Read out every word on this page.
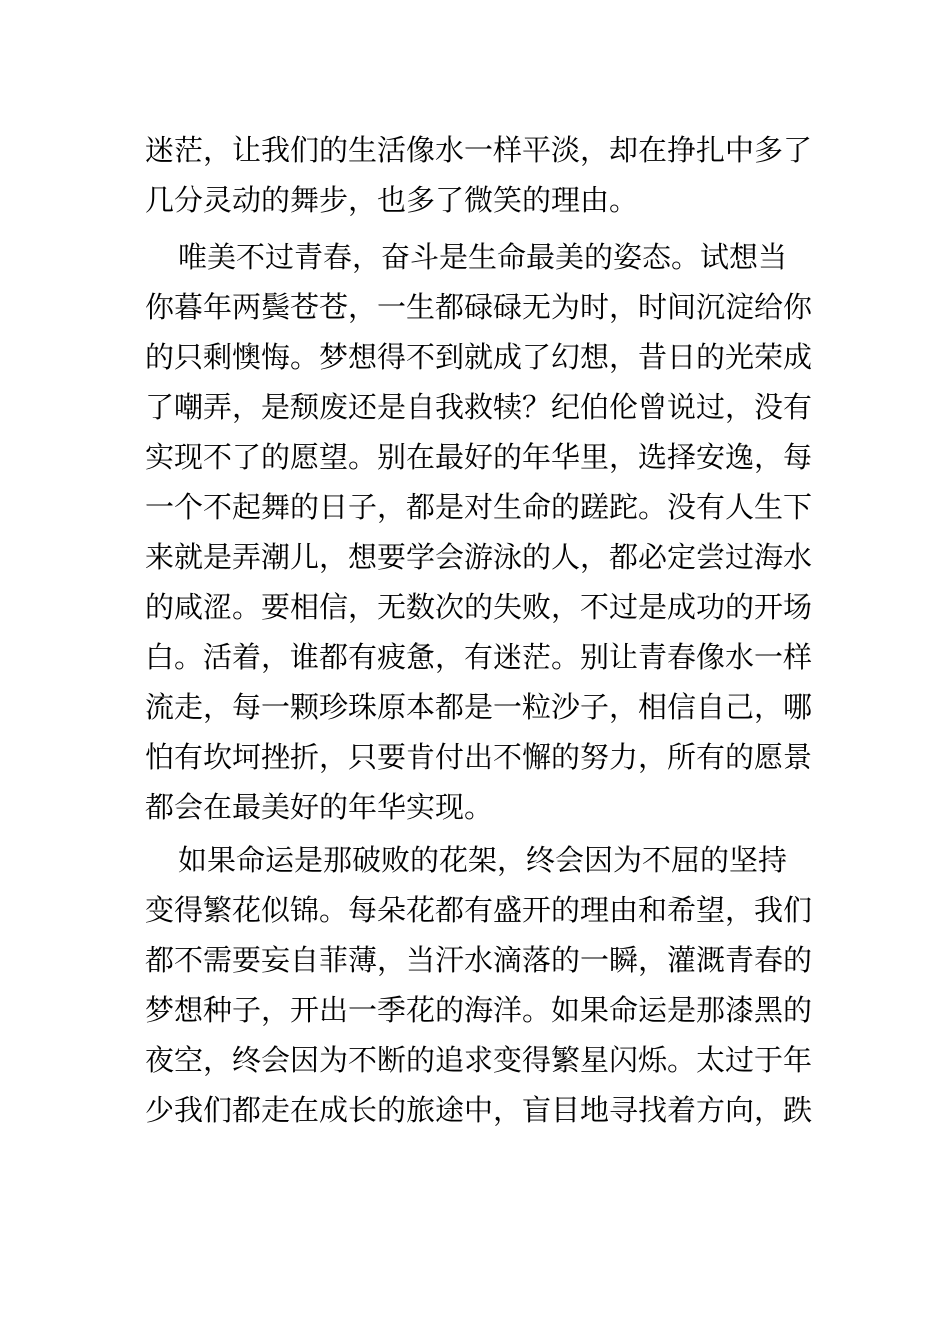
迷茫，让我们的生活像水一样平淡，却在挣扎中多了
几分灵动的舞步，也多了微笑的理由。
唯美不过青春，奋斗是生命最美的姿态。试想当
你暮年两鬓苍苍，一生都碌碌无为时，时间沉淀给你
的只剩懊悔。梦想得不到就成了幻想，昔日的光荣成
了嘲弄，是颓废还是自我救犊？纪伯伦曾说过，没有
实现不了的愿望。别在最好的年华里，选择安逸，每
一个不起舞的日子，都是对生命的蹉跎。没有人生下
来就是弄潮儿，想要学会游泳的人，都必定尝过海水
的咸涩。要相信，无数次的失败，不过是成功的开场
白。活着，谁都有疲惫，有迷茫。别让青春像水一样
流走，每一颗珍珠原本都是一粒沙子，相信自己，哪
怕有坎坷挫折，只要肯付出不懈的努力，所有的愿景
都会在最美好的年华实现。
如果命运是那破败的花架，终会因为不屈的坚持
变得繁花似锦。每朵花都有盛开的理由和希望，我们
都不需要妄自菲薄，当汗水滴落的一瞬，灌溉青春的
梦想种子，开出一季花的海洋。如果命运是那漆黑的
夜空，终会因为不断的追求变得繁星闪烁。太过于年
少我们都走在成长的旅途中，盲目地寻找着方向，跌
